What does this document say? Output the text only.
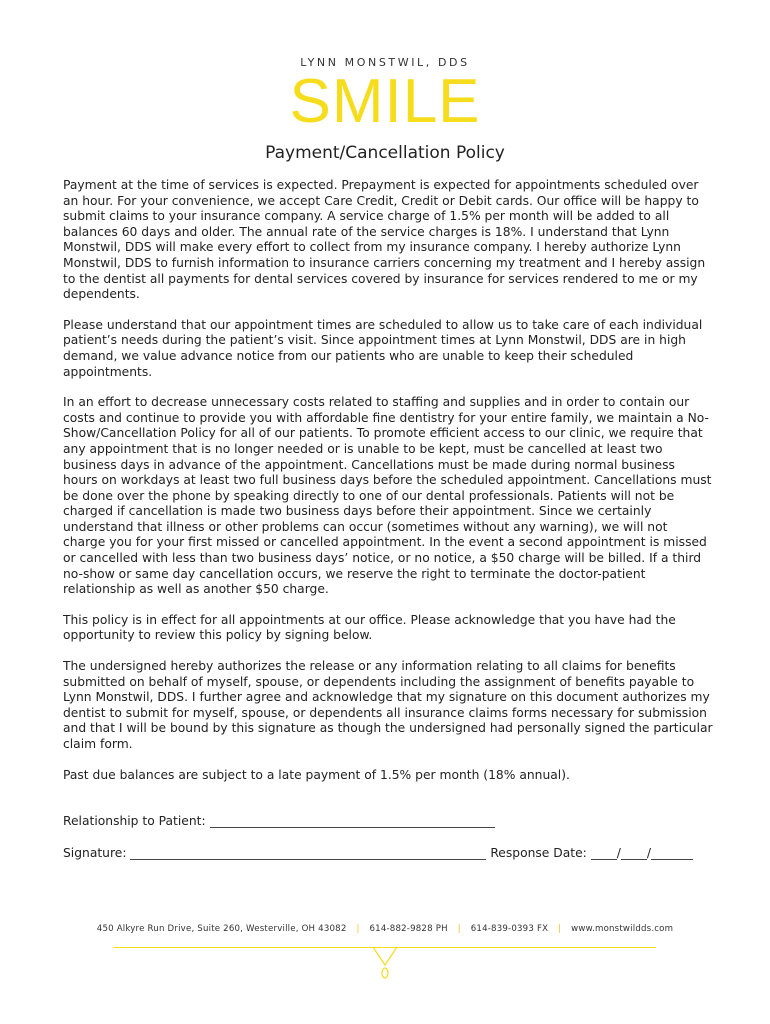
LYNN MONSTWIL, DDS
SMILE
Payment/Cancellation Policy

Payment at the time of services is expected. Prepayment is expected for appointments scheduled over an hour. For your convenience, we accept Care Credit, Credit or Debit cards. Our office will be happy to submit claims to your insurance company. A service charge of 1.5% per month will be added to all balances 60 days and older. The annual rate of the service charges is 18%. I understand that Lynn Monstwil, DDS will make every effort to collect from my insurance company. I hereby authorize Lynn Monstwil, DDS to furnish information to insurance carriers concerning my treatment and I hereby assign to the dentist all payments for dental services covered by insurance for services rendered to me or my dependents.

Please understand that our appointment times are scheduled to allow us to take care of each individual patient’s needs during the patient’s visit. Since appointment times at Lynn Monstwil, DDS are in high demand, we value advance notice from our patients who are unable to keep their scheduled appointments.

In an effort to decrease unnecessary costs related to staffing and supplies and in order to contain our costs and continue to provide you with affordable fine dentistry for your entire family, we maintain a No-Show/Cancellation Policy for all of our patients. To promote efficient access to our clinic, we require that any appointment that is no longer needed or is unable to be kept, must be cancelled at least two business days in advance of the appointment. Cancellations must be made during normal business hours on workdays at least two full business days before the scheduled appointment. Cancellations must be done over the phone by speaking directly to one of our dental professionals. Patients will not be charged if cancellation is made two business days before their appointment. Since we certainly understand that illness or other problems can occur (sometimes without any warning), we will not charge you for your first missed or cancelled appointment. In the event a second appointment is missed or cancelled with less than two business days’ notice, or no notice, a $50 charge will be billed. If a third no-show or same day cancellation occurs, we reserve the right to terminate the doctor-patient relationship as well as another $50 charge.

This policy is in effect for all appointments at our office. Please acknowledge that you have had the opportunity to review this policy by signing below.

The undersigned hereby authorizes the release or any information relating to all claims for benefits submitted on behalf of myself, spouse, or dependents including the assignment of benefits payable to Lynn Monstwil, DDS. I further agree and acknowledge that my signature on this document authorizes my dentist to submit for myself, spouse, or dependents all insurance claims forms necessary for submission and that I will be bound by this signature as though the undersigned had personally signed the particular claim form.

Past due balances are subject to a late payment of 1.5% per month (18% annual).

Relationship to Patient:
Signature:	Response Date: / /
450 Alkyre Run Drive, Suite 260, Westerville, OH 43082 | 614-882-9828 PH | 614-839-0393 FX | www.monstwildds.com
